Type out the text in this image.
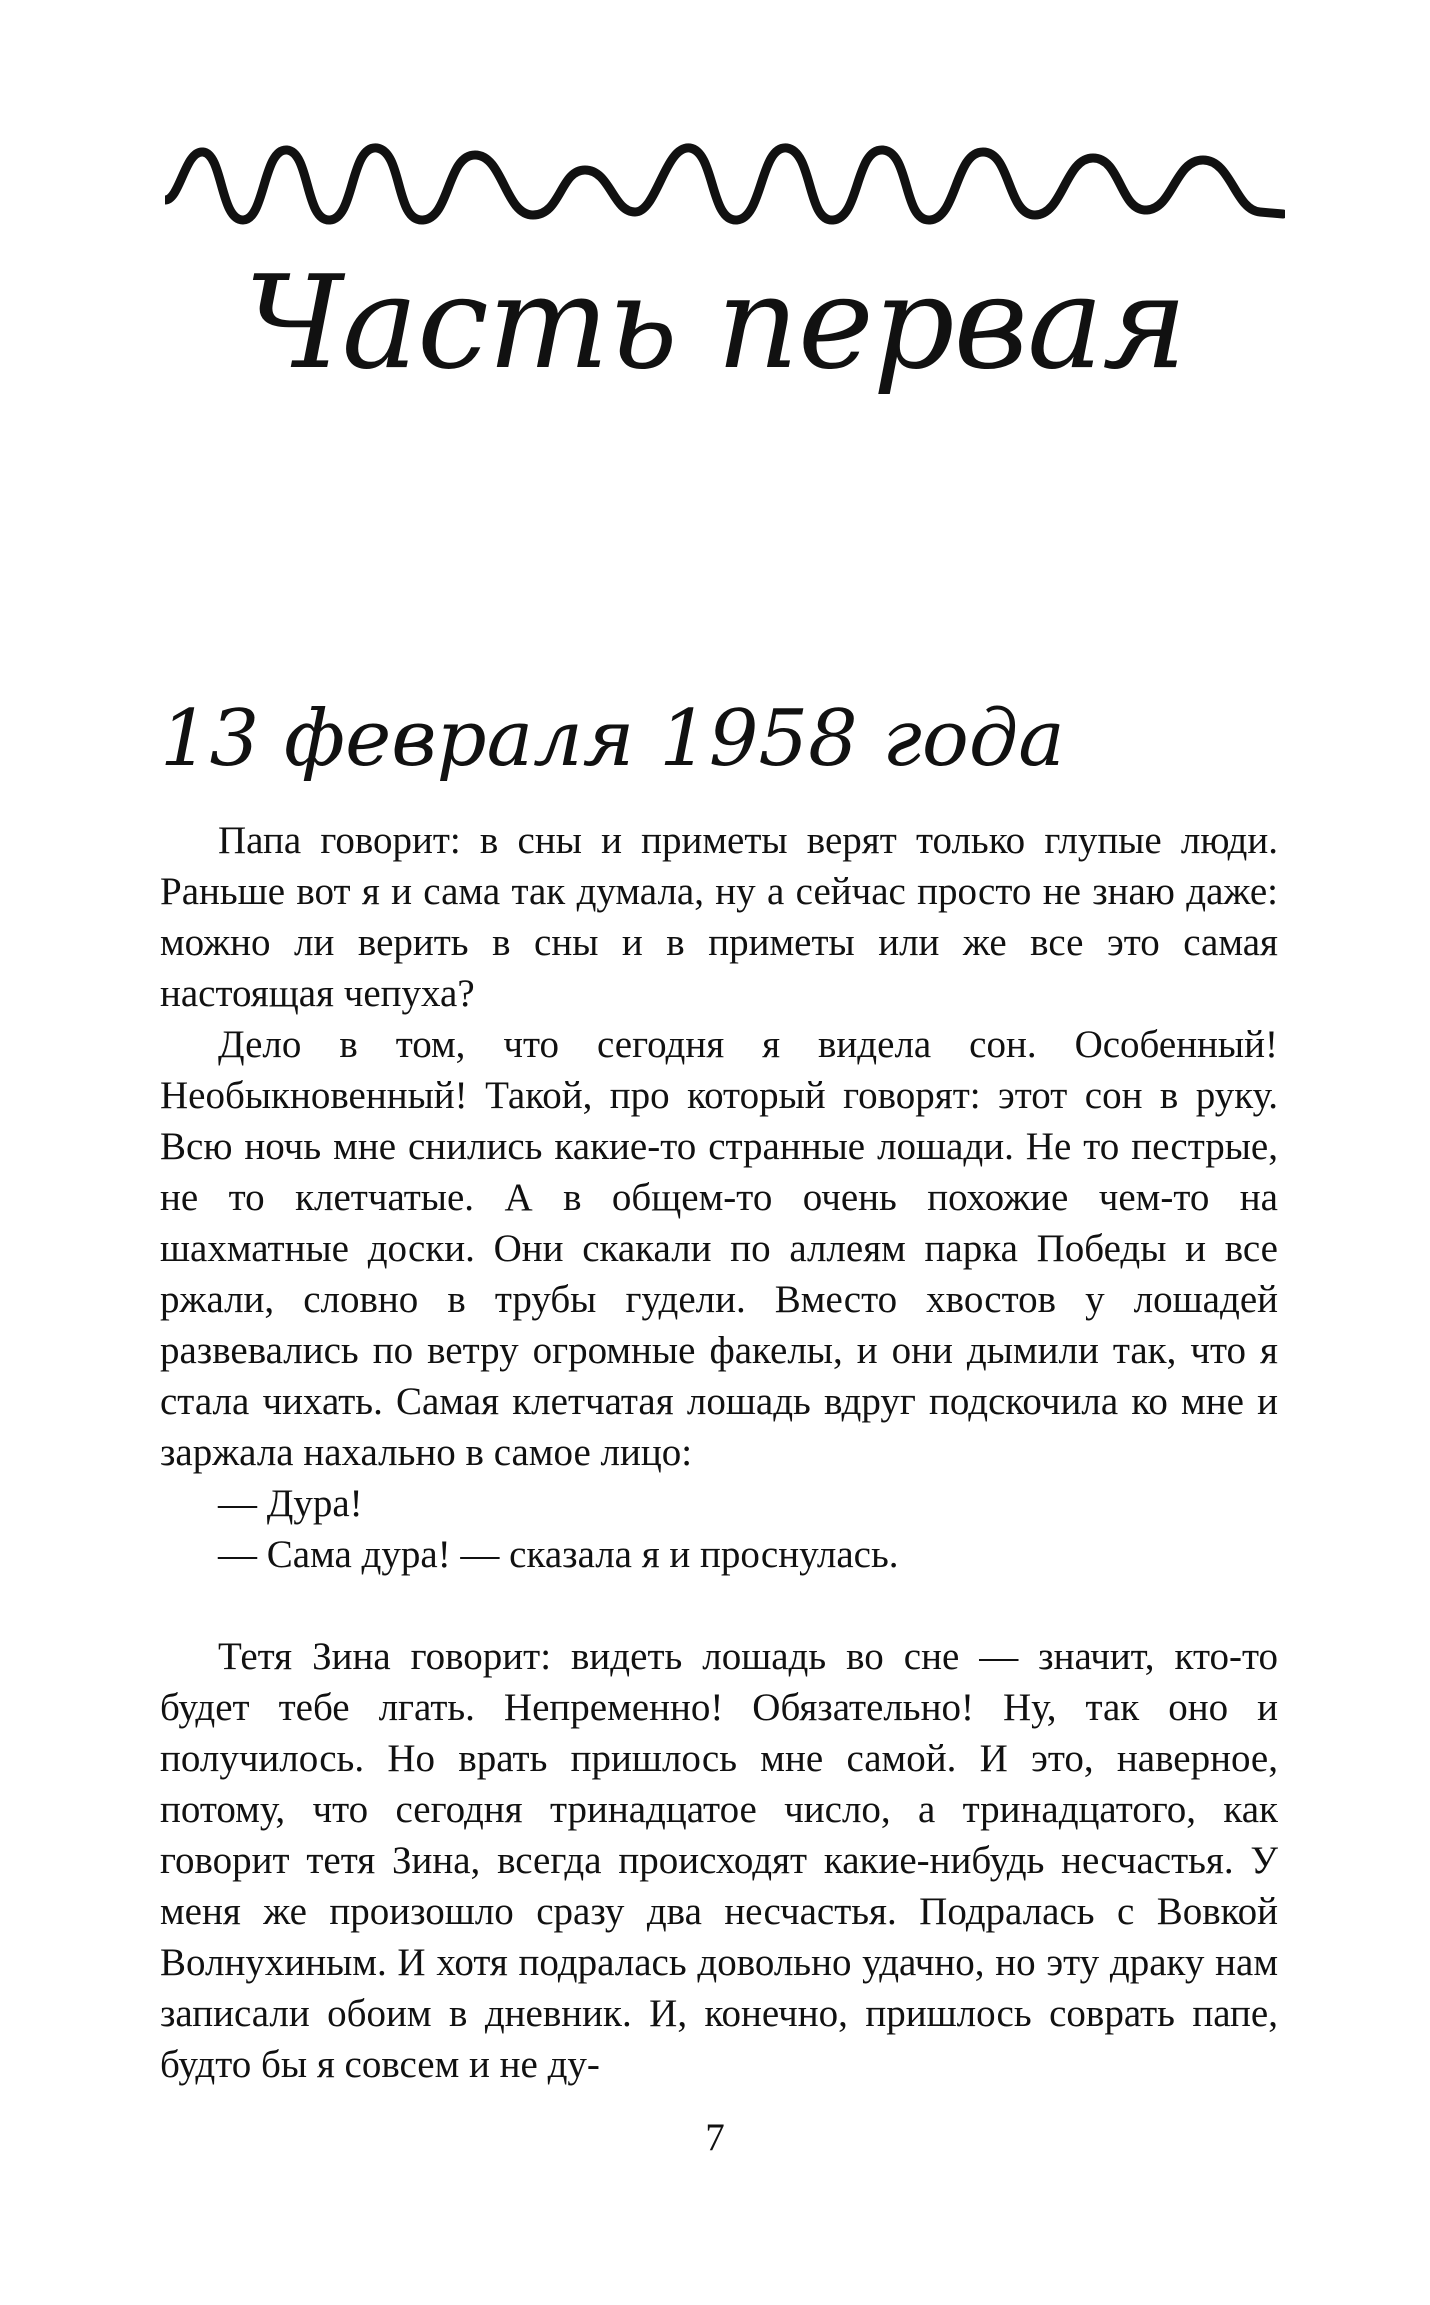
Часть первая
13 февраля 1958 года

Папа говорит: в сны и приметы верят только глупые люди. Раньше вот я и сама так думала, ну а сейчас просто не знаю даже: можно ли верить в сны и в приметы или же все это самая настоящая чепуха?

Дело в том, что сегодня я видела сон. Особенный! Необыкновенный! Такой, про который говорят: этот сон в руку. Всю ночь мне снились какие-то странные лошади. Не то пестрые, не то клетчатые. А в общем-то очень похожие чем-то на шахматные доски. Они скакали по аллеям парка Победы и все ржали, словно в трубы гудели. Вместо хвостов у лошадей развевались по ветру огромные факелы, и они дымили так, что я стала чихать. Самая клетчатая лошадь вдруг подскочила ко мне и заржала нахально в самое лицо:

— Дура!

— Сама дура! — сказала я и проснулась.

Тетя Зина говорит: видеть лошадь во сне — значит, кто-то будет тебе лгать. Непременно! Обязательно! Ну, так оно и получилось. Но врать пришлось мне самой. И это, наверное, потому, что сегодня тринадцатое число, а тринадцатого, как говорит тетя Зина, всегда происходят какие-нибудь несчастья. У меня же произошло сразу два несчастья. Подралась с Вовкой Волнухиным. И хотя подралась довольно удачно, но эту драку нам записали обоим в дневник. И, конечно, пришлось соврать папе, будто бы я совсем и не ду-

7
